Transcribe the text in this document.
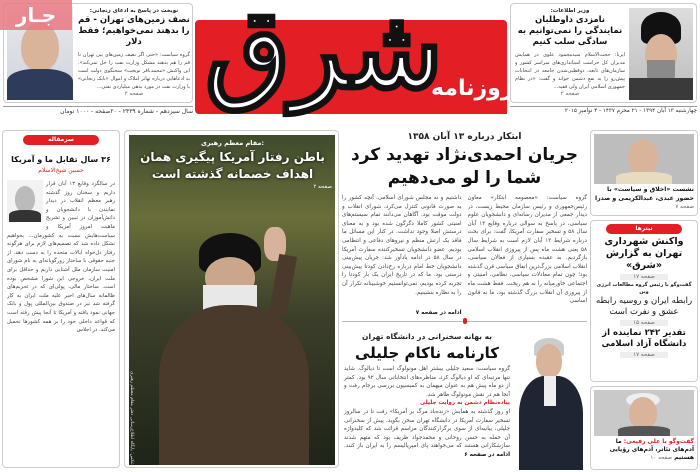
جـار	نوبخت در پاسخ به ادعای زنجانی:
نصف زمین‌های تهران - قم را بدهند نمی‌خواهیم؛ فقط دلار
گروه سیاست: «حتی اگر نصف زمین‌های بین تهران تا قم را هم بدهند مشکل وزارت نفت را حل نمی‌کند». این واکنش «محمدباقر نوبخت» سخنگوی دولت است به ادعاهایی درباره تهاتر املاک و اموال «بابک زنجانی» با وزارت نفت در مورد بدهی میلیاردی نفتی...
صفحه ۲
سال سیزدهم - شماره ۲۴۳۹ - ۲۰صفحه - ۱۰۰۰ تومان شرق
روزنامه
وزیر اطلاعات:
نامزدی داوطلبان نمایندگی را نمی‌توانیم به سادگی سلب کنیم
ایرنا: حجت‌الاسلام سیدمحمود علوی در همایش مدیران کل حراست استانداری‌های سراسر کشور و سازمان‌های تابعه، دوقطبی‌شدن جامعه در انتخابات پیش‌رو را به نفع دشمن خواند و گفت: «در نظام جمهوری اسلامی ایران ولی فقیه...
صفحه ۲
چهارشنبه ۱۳ آبان ۱۳۹۴ - ۲۱ محرم ۱۴۳۷ - ۴ نوامبر ۲۰۱۵
سرمقاله
۳۶ سال تقابل ما و آمریکا
حسین شیخ‌الاسلام
در سالگرد وقایع ۱۳ آبان قرار داریم و سخنان روز گذشته رهبر معظم انقلاب در دیدار نمایندن با دانشجویان و دانش‌آموزان در تبیین و تشریح ماهیت امروز آمریکا و سیاست‌هایش نسبت به کشورمان... بخواهیم تشکل داده شد که تصمیم‌های لازم برای هرگونه رفتار دل‌خواه ایالات متحده را به دست دهد. از جنبه حقوقی با ساختار زورگویانه‌ای به نام شورای امنیت سازمان ملل آشنایی داریم و حداقل برای ملت ایران، خروجی این شورا مشخص بوده است. ساختار مالی، پولی‌ای که در تحریم‌های ظالمانه سال‌های اخیر علیه ملت ایران به کار گرفته شد نیز در صندوق بین‌المللی پول و بانک جهانی نمود یافته و آمریکا تا آنجا پیش رفته است که قواعد داخلی خود را بر همه کشورها تحمیل می‌کند. در اجلاس
مقام معظم رهبری:
باطن رفتار آمریکا پیگیری همان اهداف خصمانه گذشته است
صفحه ۲
عکس: پایگاه اطلاع‌رسانی دفتر مقام معظم رهبری
ابتکار درباره ۱۳ آبان ۱۳۵۸
جریان احمدی‌نژاد تهدید کرد شما را لو می‌دهیم
گروه سیاست: «معصومه ابتکار» معاون رئیس‌جمهوری و رئیس سازمان محیط زیست، در دیدار جمعی از مدیران رسانه‌ای و دانشجویان علوم سیاسی، در پاسخ به سوالی درباره وقایع ۱۳ آبان سال ۵۸ و تسخیر سفارت آمریکا، گفت: برای بحث درباره شرایط ۱۳ آبان لازم است به شرایط سال ۵۸ یعنی هشت ماه پس از پیروزی انقلاب اسلامی بازگردیم. به عقیده بسیاری از فعالان سیاسی، انقلاب اسلامی بزرگ‌ترین اتفاق سیاسی قرن گذشته بود؛ چون تمام معادلات سیاسی، نظامی، امنیتی و اجتماعی خاورمیانه را به هم ریخت. فقط هشت ماه از پیروزی آن انقلاب بزرگ گذشته بود، ما نه قانون اساسی
داشتیم و نه مجلس شورای اسلامی. آنچه کشور را به صورت قانونی کنترل می‌کرد، شورای انقلاب و دولت موقت بود. آگاهان می‌دانند تمام سیستم‌های امنیتی کشور کاملا دگرگون شده بود و به معنای درستش اصلا وجود نداشت. در کنار این مسائل ما فاقد یک ارتش منظم و نیروهای دفاعی و انتظامی بودیم. عضو دانشجویان تسخیرکننده سفارت آمریکا در سال ۵۸ در ادامه یادآور شد: جریان پیش‌بینی دانشجویان خط امام درباره رخ‌دادن کودتا پیش‌بینی درستی بود. ما که در تاریخ ایران یک بار کودتا را تجربه کرده بودیم، نمی‌توانستیم خوشبینانه تکرار آن را به نظاره بنشینیم.
ادامه در صفحه ۷
به بهانه سخنرانی در دانشگاه تهران
کارنامه ناکام جلیلی
گروه سیاست: سعید جلیلی بیشتر اهل مونولوگ است تا دیالوگ. شاید تنها مرتبه‌ای که او دیالوگ کرد، مناظره‌های انتخاباتی سال ۹۲ بود. کمتر از دو ماه پیش هم به عنوان میهمان به کمیسیون بررسی برجام رفت و آنجا هم در نقش مونولوگ ظاهر شد.
پیاده‌نظام دشمن به روایت جلیلی
او روز گذشته به همایش «زنده‌باد مرگ بر آمریکا» رفت تا در سالروز تسخیر سفارت آمریکا در دانشگاه تهران سخن بگوید. پیش از سخنرانی جلیلی، بیانیه‌ای از سوی برگزارکنندگان مراسم قرائت شد که کلیدواژه آن حمله به حسن روحانی و محمدجواد ظریف بود که متهم شدند سازشکارانی هستند که می‌خواهند پای امپریالیسم را به ایران باز کنند. ادامه در صفحه ۶
نشست «اخلاق و سیاست» با حضور عبدی، عبدالکریمی و صدرا صفحه ۷
تیترها
واکنش شهرداری تهران به گزارش «شرق»
صفحه ۱۷
گفت‌وگو با رئیس گروه مطالعات انرژی وین
رابطه ایران و روسیه رابطه عشق و نفرت است
صفحه ۱۵
تقدیر ۲۴۲ نماینده از دانشگاه آزاد اسلامی
صفحه ۱۷
گفت‌وگو با علی رفیعی: ما آدم‌های تئاتر، آدم‌های رؤیایی هستیم صفحه ۱۰
